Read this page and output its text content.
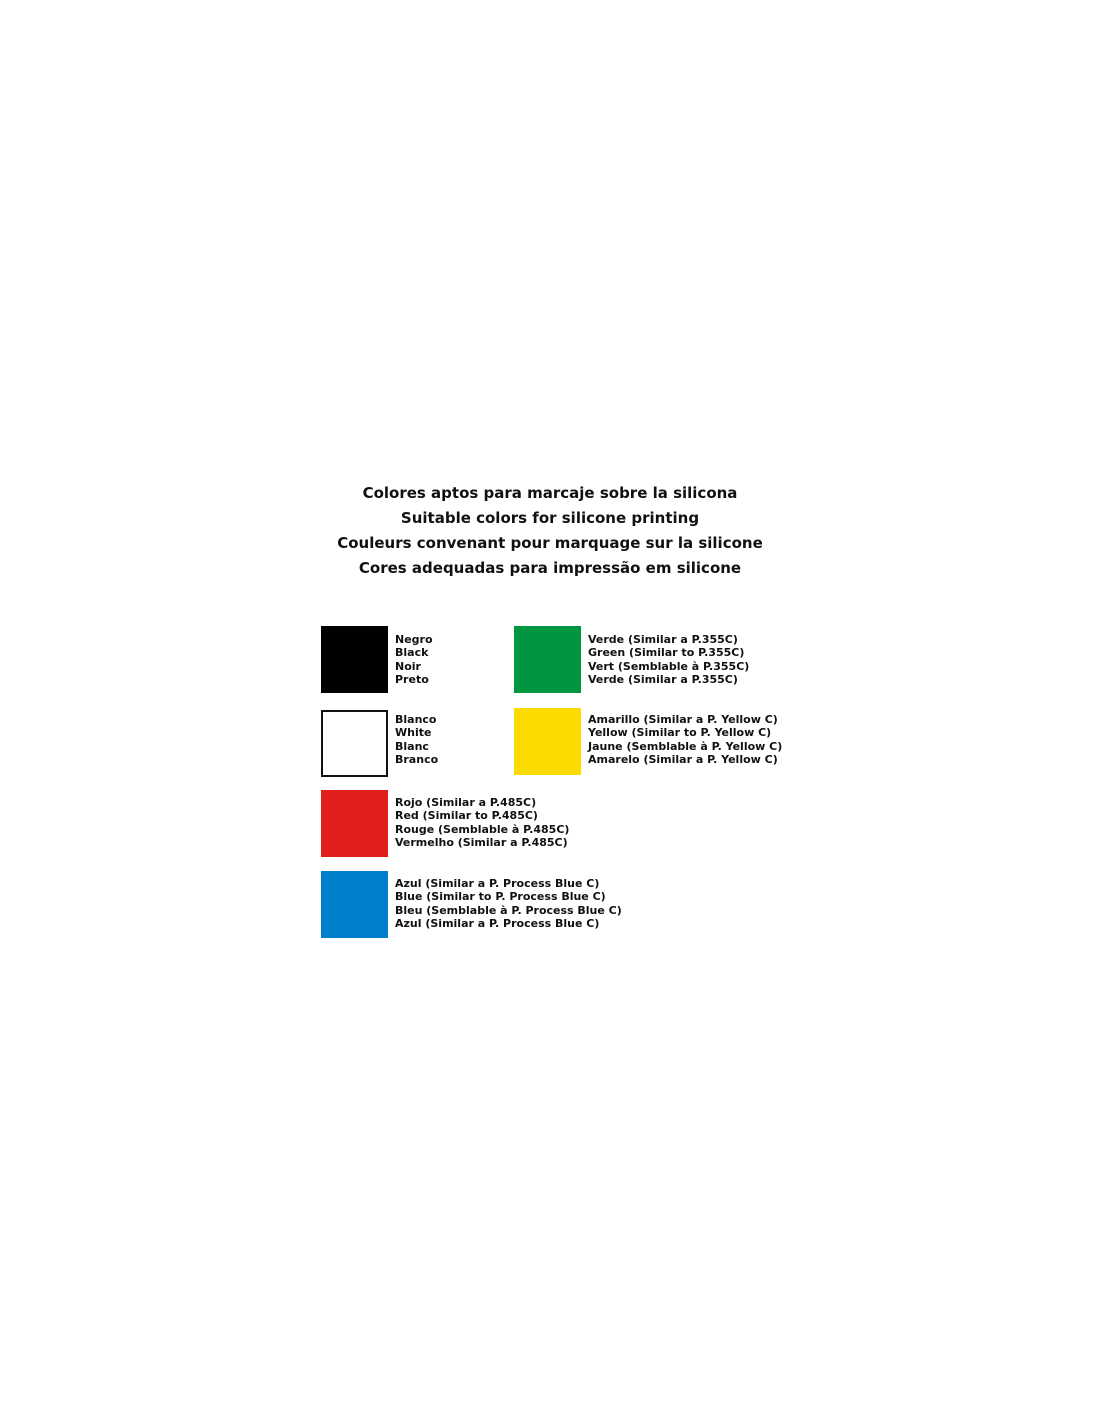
Colores aptos para marcaje sobre la silicona
Suitable colors for silicone printing
Couleurs convenant pour marquage sur la silicone
Cores adequadas para impressão em silicone
Negro
Black
Noir
Preto
Blanco
White
Blanc
Branco
Rojo (Similar a P.485C)
Red (Similar to P.485C)
Rouge (Semblable à P.485C)
Vermelho (Similar a P.485C)
Azul (Similar a P. Process Blue C)
Blue (Similar to P. Process Blue C)
Bleu (Semblable à P. Process Blue C)
Azul (Similar a P. Process Blue C)
Verde (Similar a P.355C)
Green (Similar to P.355C)
Vert (Semblable à P.355C)
Verde (Similar a P.355C)
Amarillo (Similar a P. Yellow C)
Yellow (Similar to P. Yellow C)
Jaune (Semblable à P. Yellow C)
Amarelo (Similar a P. Yellow C)
